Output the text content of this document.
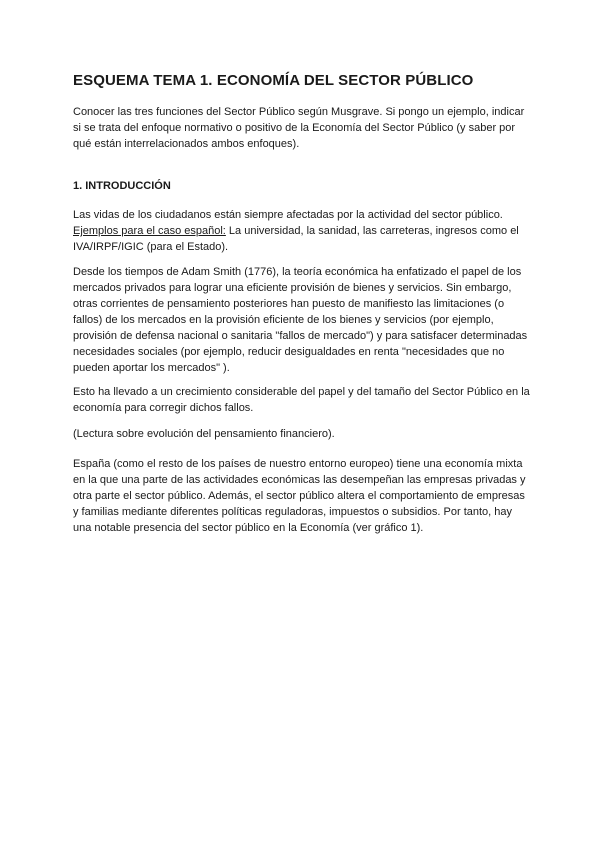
ESQUEMA TEMA 1. ECONOMÍA DEL SECTOR PÚBLICO

Conocer las tres funciones del Sector Público según Musgrave. Si pongo un ejemplo, indicar si se trata del enfoque normativo o positivo de la Economía del Sector Público (y saber por qué están interrelacionados ambos enfoques).

1. INTRODUCCIÓN

Las vidas de los ciudadanos están siempre afectadas por la actividad del sector público.
Ejemplos para el caso español: La universidad, la sanidad, las carreteras, ingresos como el IVA/IRPF/IGIC (para el Estado).

Desde los tiempos de Adam Smith (1776), la teoría económica ha enfatizado el papel de los mercados privados para lograr una eficiente provisión de bienes y servicios. Sin embargo, otras corrientes de pensamiento posteriores han puesto de manifiesto las limitaciones (o fallos) de los mercados en la provisión eficiente de los bienes y servicios (por ejemplo, provisión de defensa nacional o sanitaria "fallos de mercado") y para satisfacer determinadas necesidades sociales (por ejemplo, reducir desigualdades en renta "necesidades que no pueden aportar los mercados" ).

Esto ha llevado a un crecimiento considerable del papel y del tamaño del Sector Público en la economía para corregir dichos fallos.

(Lectura sobre evolución del pensamiento financiero).

España (como el resto de los países de nuestro entorno europeo) tiene una economía mixta en la que una parte de las actividades económicas las desempeñan las empresas privadas y otra parte el sector público. Además, el sector público altera el comportamiento de empresas y familias mediante diferentes políticas reguladoras, impuestos o subsidios. Por tanto, hay una notable presencia del sector público en la Economía (ver gráfico 1).
